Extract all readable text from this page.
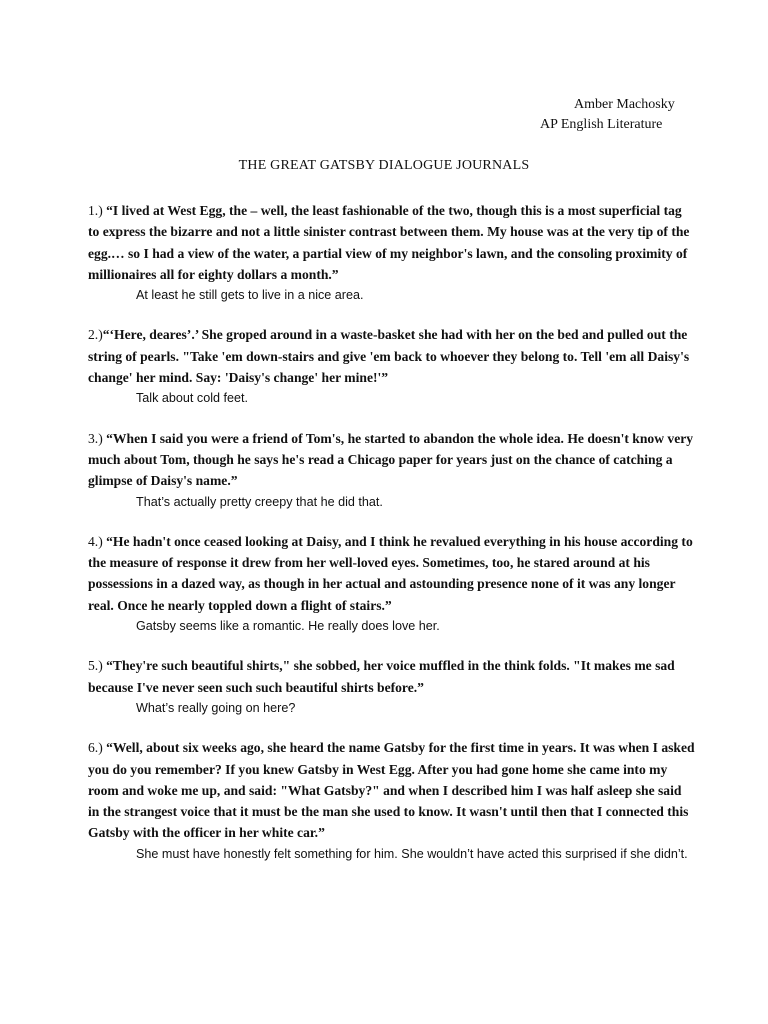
Amber Machosky
AP English Literature
THE GREAT GATSBY DIALOGUE JOURNALS

1.) “I lived at West Egg, the – well, the least fashionable of the two, though this is a most superficial tag to express the bizarre and not a little sinister contrast between them. My house was at the very tip of the egg.… so I had a view of the water, a partial view of my neighbor's lawn, and the consoling proximity of millionaires all for eighty dollars a month.”

At least he still gets to live in a nice area.

2.)“‘Here, deares’.’ She groped around in a waste-basket she had with her on the bed and pulled out the string of pearls. "Take 'em down-stairs and give 'em back to whoever they belong to. Tell 'em all Daisy's change' her mind. Say: 'Daisy's change' her mine!'”

Talk about cold feet.

3.) “When I said you were a friend of Tom's, he started to abandon the whole idea. He doesn't know very much about Tom, though he says he's read a Chicago paper for years just on the chance of catching a glimpse of Daisy's name.”

That’s actually pretty creepy that he did that.

4.) “He hadn't once ceased looking at Daisy, and I think he revalued everything in his house according to the measure of response it drew from her well-loved eyes. Sometimes, too, he stared around at his possessions in a dazed way, as though in her actual and astounding presence none of it was any longer real. Once he nearly toppled down a flight of stairs.”

Gatsby seems like a romantic. He really does love her.

5.) “They're such beautiful shirts," she sobbed, her voice muffled in the think folds. "It makes me sad because I've never seen such such beautiful shirts before.”

What’s really going on here?

6.) “Well, about six weeks ago, she heard the name Gatsby for the first time in years. It was when I asked you do you remember? If you knew Gatsby in West Egg. After you had gone home she came into my room and woke me up, and said: "What Gatsby?" and when I described him I was half asleep she said in the strangest voice that it must be the man she used to know. It wasn't until then that I connected this Gatsby with the officer in her white car.”

She must have honestly felt something for him. She wouldn’t have acted this surprised if she didn’t.
